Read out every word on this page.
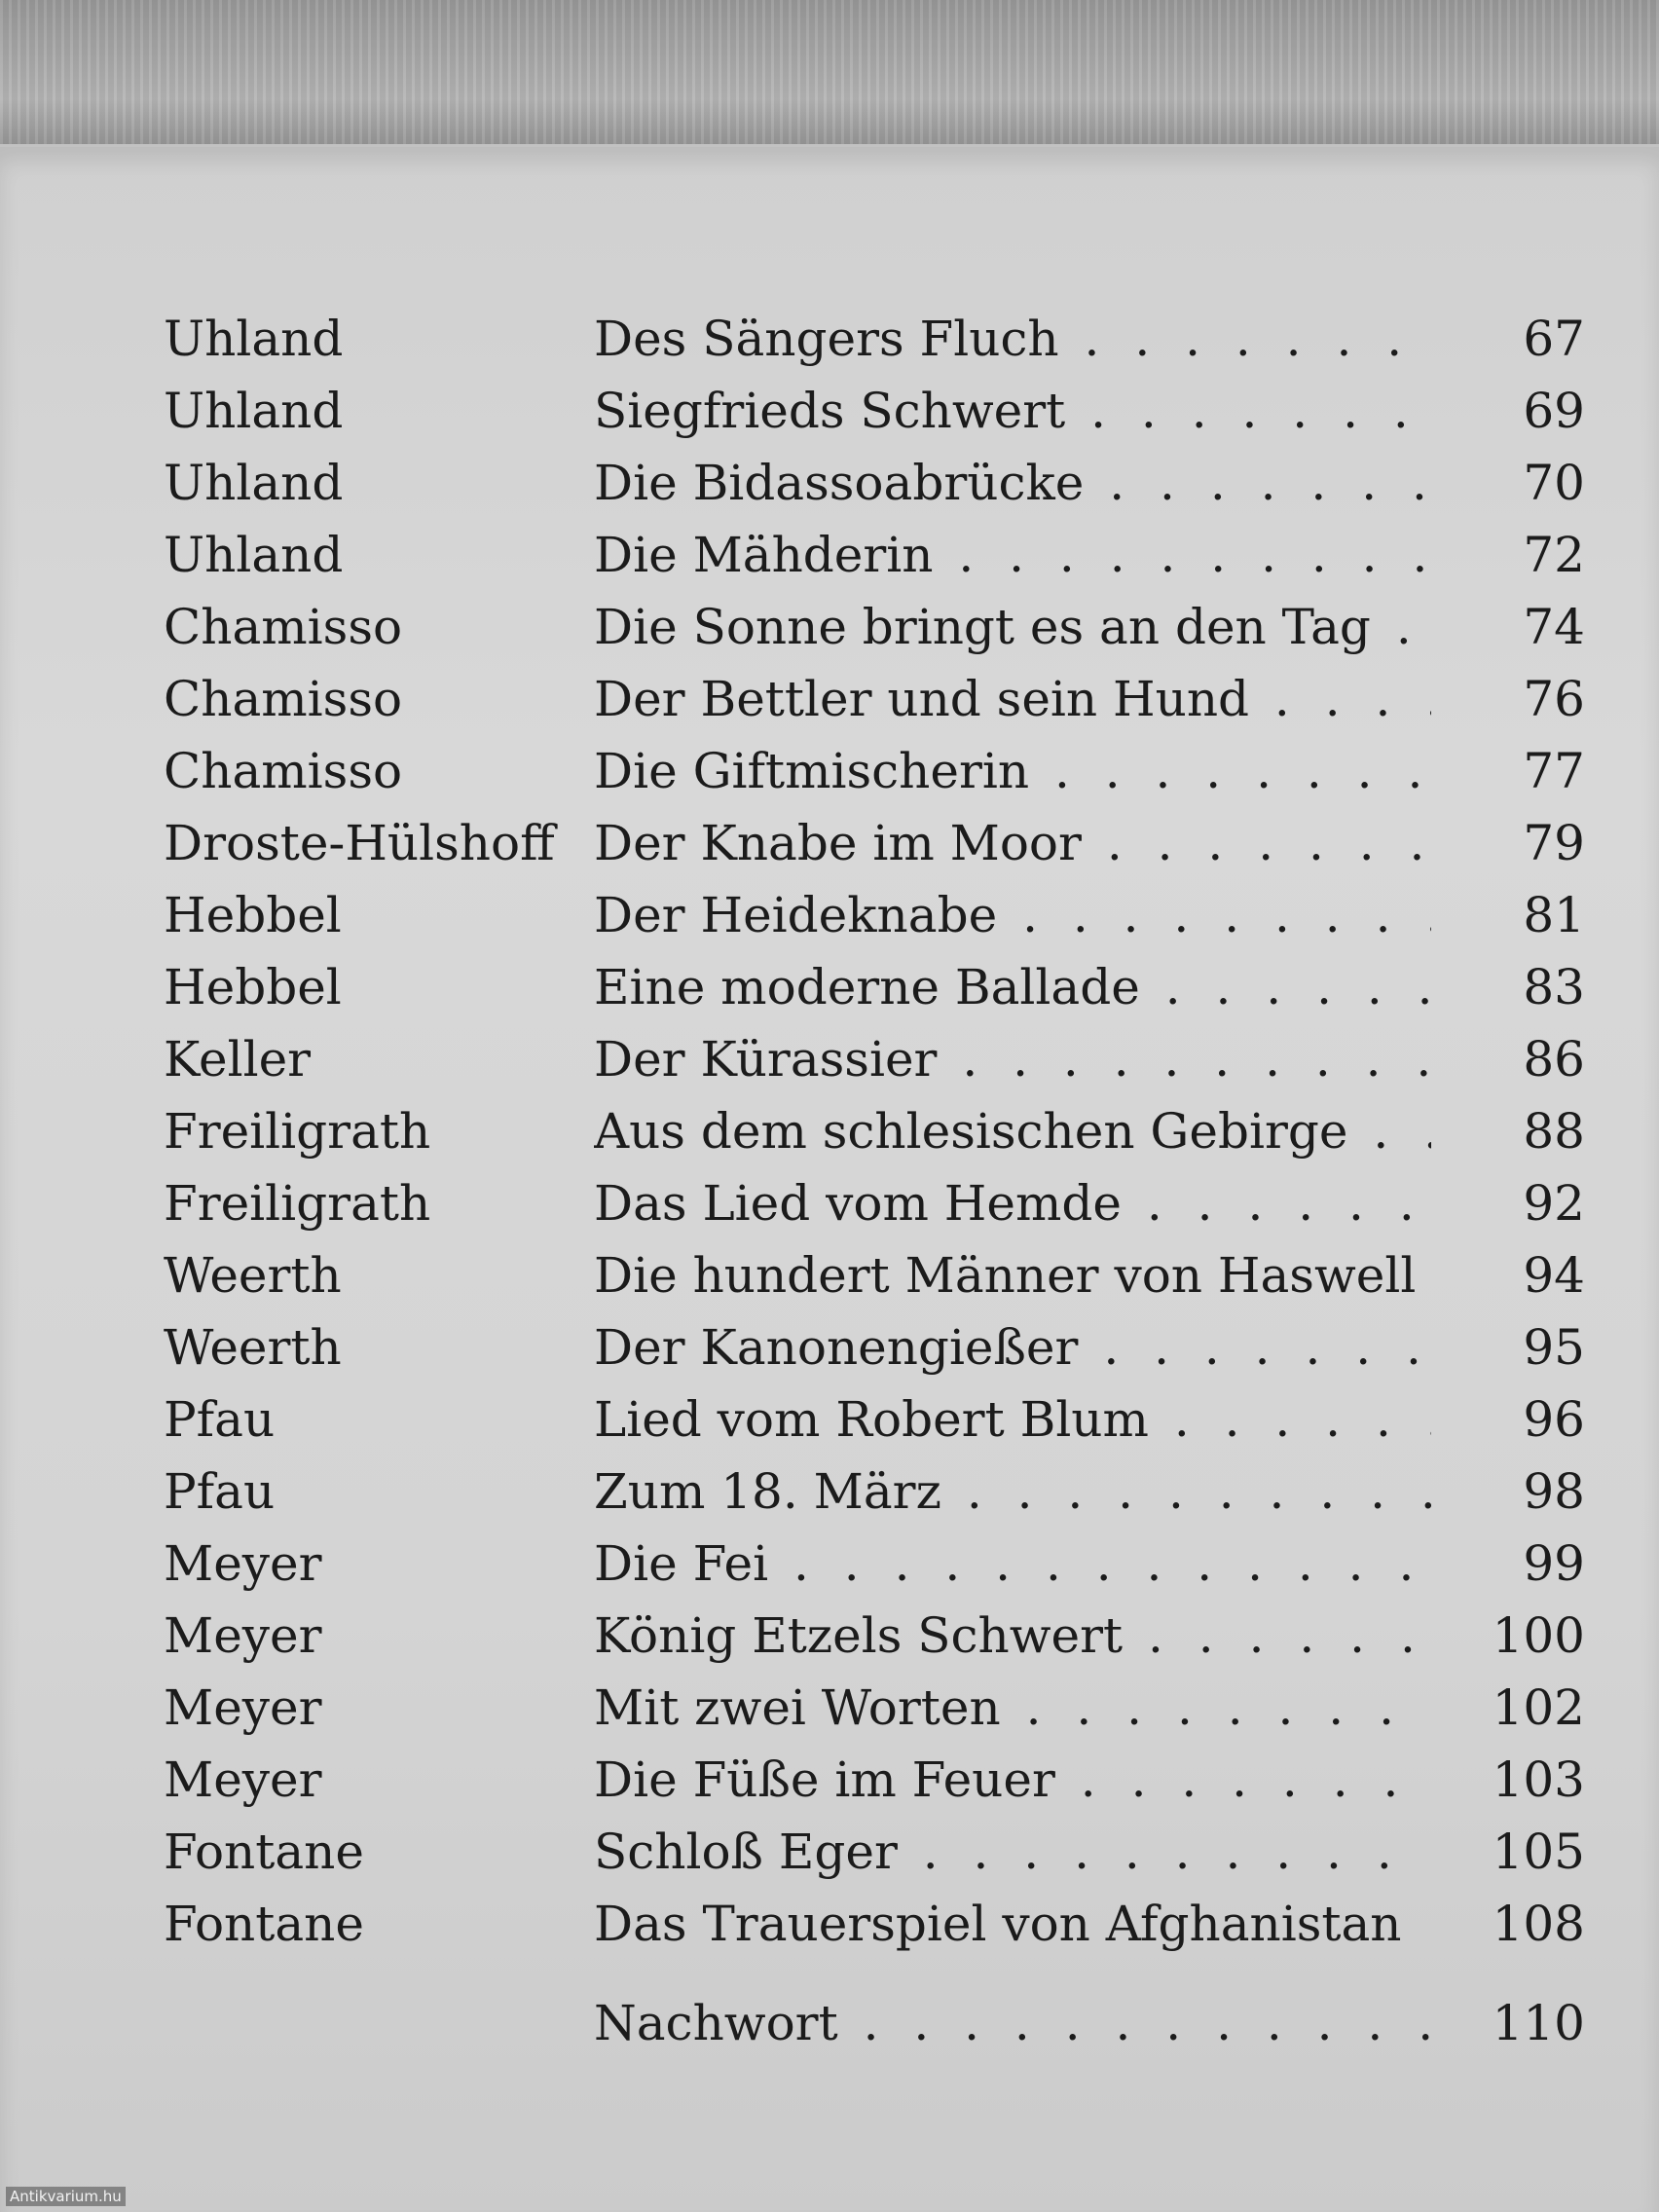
Uhland	Des Sängers Fluch . . .	67
Uhland	Siegfrieds Schwert . . .	69
Uhland	Die Bidassoabrücke . . .	70
Uhland	Die Mähderin . . .	72
Chamisso	Die Sonne bringt es an den Tag . . .	74
Chamisso	Der Bettler und sein Hund . . .	76
Chamisso	Die Giftmischerin . . .	77
Droste-Hülshoff Der Knabe im Moor . . .	79
Hebbel	Der Heideknabe . . .	81
Hebbel	Eine moderne Ballade . . .	83
Keller	Der Kürassier . . .	86
Freiligrath	Aus dem schlesischen Gebirge . . .	88
Freiligrath	Das Lied vom Hemde . . .	92
Weerth	Die hundert Männer von Haswell . . .	94
Weerth	Der Kanonengießer . . .	95
Pfau	Lied vom Robert Blum . . .	96
Pfau	Zum 18. März . . .	98
Meyer	Die Fei . . .	99
Meyer	König Etzels Schwert . . .	100
Meyer	Mit zwei Worten . . .	102
Meyer	Die Füße im Feuer . . .	103
Fontane	Schloß Eger . . .	105
Fontane	Das Trauerspiel von Afghanistan . . .	108
Nachwort . . .	110
Antikvarium.hu
